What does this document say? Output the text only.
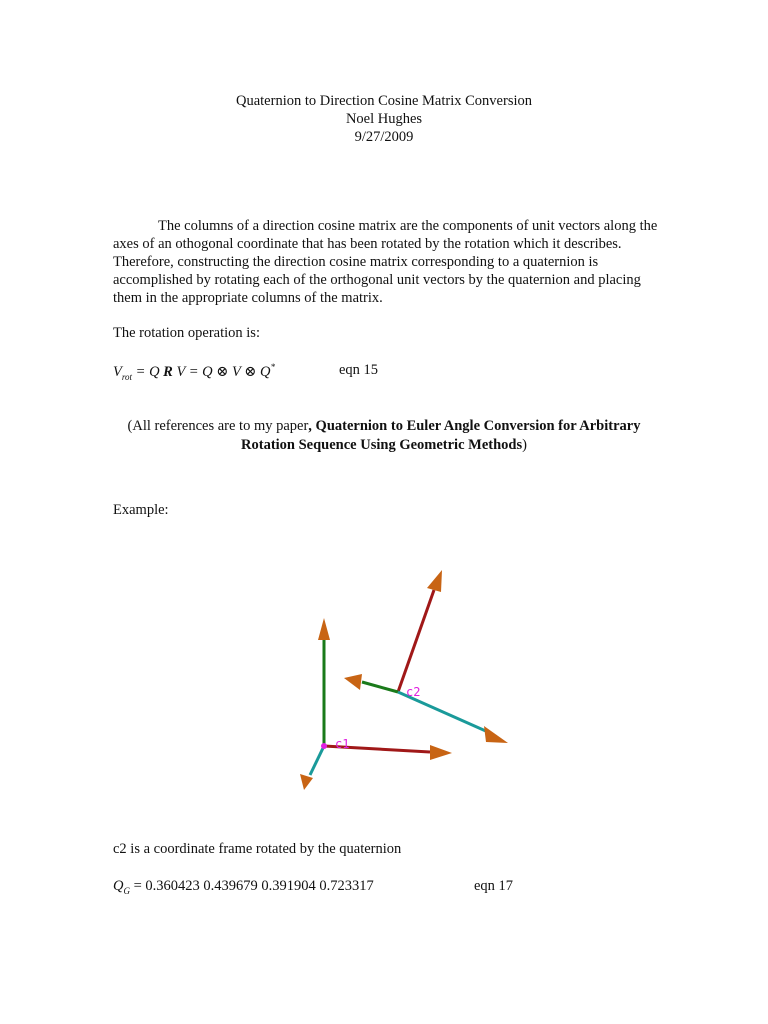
Quaternion to Direction Cosine Matrix Conversion
Noel Hughes
9/27/2009

The columns of a direction cosine matrix are the components of unit vectors along the axes of an othogonal coordinate that has been rotated by the rotation which it describes. Therefore, constructing the direction cosine matrix corresponding to a quaternion is accomplished by rotating each of the orthogonal unit vectors by the quaternion and placing them in the appropriate columns of the matrix.

The rotation operation is:
$V_{rot} = Q$ R V = Q ⊗ V ⊗ Q*	eqn 15
(All references are to my paper, Quaternion to Euler Angle Conversion for Arbitrary Rotation Sequence Using Geometric Methods)
Example:
c1
c2
c2 is a coordinate frame rotated by the quaternion
$Q_G = 0.360423$ 0.439679 0.391904 0.723317	eqn 17
